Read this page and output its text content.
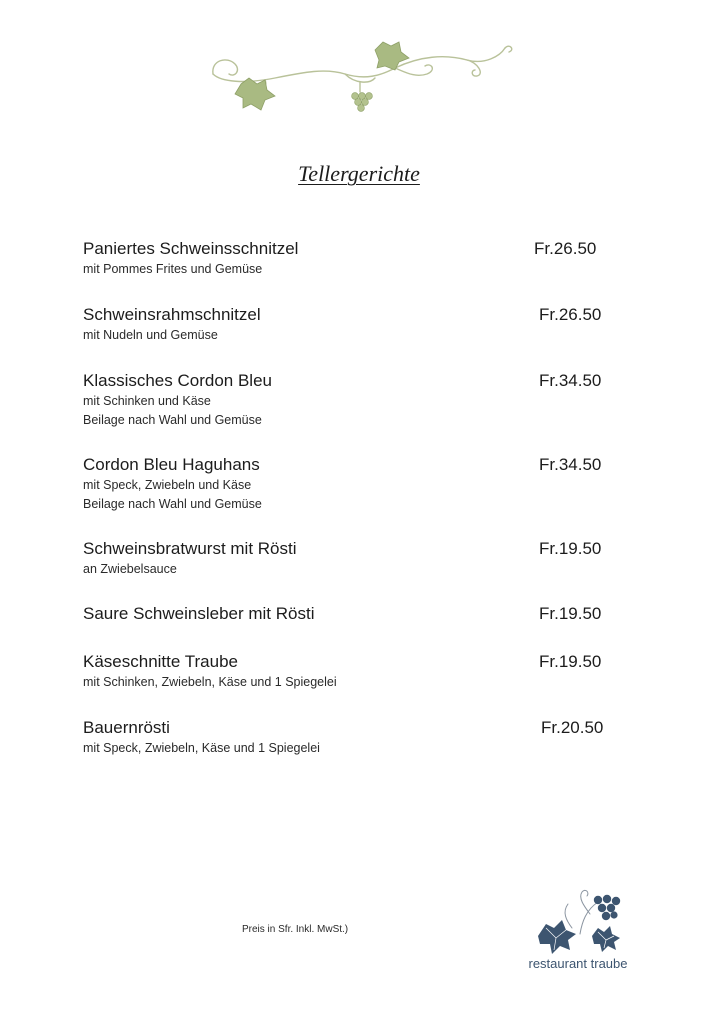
Tellergerichte
Paniertes Schweinsschnitzel	Fr.26.50
mit Pommes Frites und Gemüse
Schweinsrahmschnitzel	Fr.26.50
mit Nudeln und Gemüse
Klassisches Cordon Bleu	Fr.34.50
mit Schinken und Käse
Beilage nach Wahl und Gemüse
Cordon Bleu Haguhans	Fr.34.50
mit Speck, Zwiebeln und Käse
Beilage nach Wahl und Gemüse
Schweinsbratwurst mit Rösti	Fr.19.50
an Zwiebelsauce
Saure Schweinsleber mit Rösti	Fr.19.50
Käseschnitte Traube	Fr.19.50
mit Schinken, Zwiebeln, Käse und 1 Spiegelei
Bauernrösti	Fr.20.50
mit Speck, Zwiebeln, Käse und 1 Spiegelei
Preis in Sfr. Inkl. MwSt.)
restaurant traube
